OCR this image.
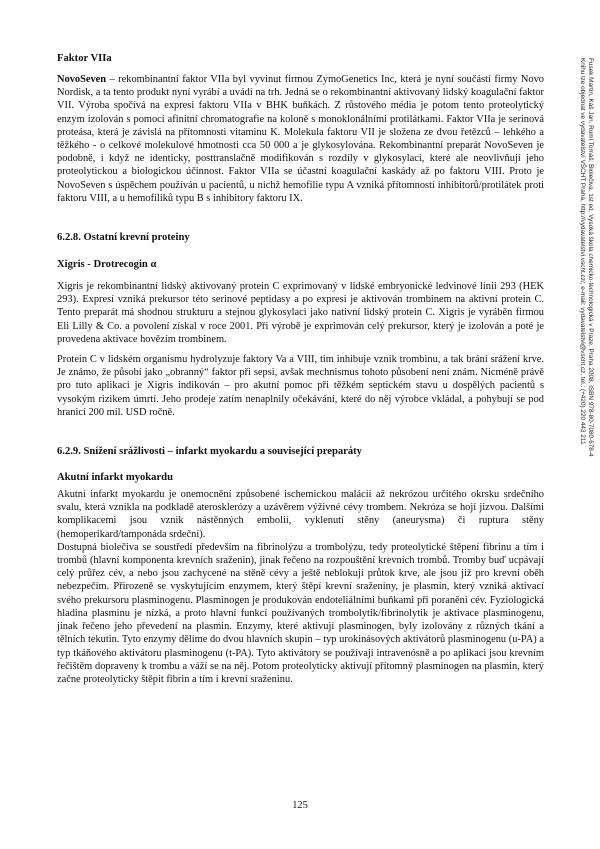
Faktor VIIa

NovoSeven – rekombinantní faktor VIIa byl vyvinut firmou ZymoGenetics Inc, která je nyní součástí firmy Novo Nordisk, a ta tento produkt nyní vyrábí a uvádí na trh. Jedná se o rekombinantní aktivovaný lidský koagulační faktor VII. Výroba spočívá na expresi faktoru VIIa v BHK buňkách. Z růstového média je potom tento proteolytický enzym izolován s pomocí afinitní chromatografie na koloně s monoklonálními protilátkami. Faktor VIIa je serinová proteása, která je závislá na přítomnosti vitaminu K. Molekula faktoru VII je složena ze dvou řetězců – lehkého a těžkého - o celkové molekulové hmotnosti cca 50 000 a je glykosylována. Rekombinantní preparát NovoSeven je podobně, i když ne identicky, posttranslačně modifikován s rozdíly v glykosylaci, které ale neovlivňují jeho proteolytickou a biologickou účinnost. Faktor VIIa se účastní koagulační kaskády až po faktoru VIII. Proto je NovoSeven s úspěchem používán u pacientů, u nichž hemofilie typu A vzniká přítomností inhibitorů/protilátek proti faktoru VIII, a u hemofiliků typu B s inhibitory faktoru IX.

6.2.8. Ostatní krevní proteiny
Xigris - Drotrecogin α

Xigris je rekombinantní lidský aktivovaný protein C exprimovaný v lidské embryonické ledvinové linii 293 (HEK 293). Expresí vzniká prekursor této serinové peptidasy a po expresi je aktivován trombinem na aktivní protein C. Tento preparát má shodnou strukturu a stejnou glykosylaci jako nativní lidský protein C. Xigris je vyráběn firmou Eli Lilly & Co. a povolení získal v roce 2001. Při výrobě je exprimován celý prekursor, který je izolován a poté je provedena aktivace hovězím trombinem.

Protein C v lidském organismu hydrolyzuje faktory Va a VIII, tím inhibuje vznik trombinu, a tak brání srážení krve. Je známo, že působí jako „obranný“ faktor při sepsi, avšak mechnismus tohoto působení není znám. Nicméně právě pro tuto aplikaci je Xigris indikován – pro akutní pomoc při těžkém septickém stavu u dospělých pacientů s vysokým rizikem úmrtí. Jeho prodeje zatím nenaplnily očekávání, které do něj výrobce vkládal, a pohybují se pod hranicí 200 mil. USD ročně.

6.2.9. Snížení srážlivosti – infarkt myokardu a související preparáty
Akutní infarkt myokardu

Akutní infarkt myokardu je onemocnění způsobené ischemickou malácií až nekrózou určitého okrsku srdečního svalu, která vznikla na podkladě aterosklerózy a uzávěrem výživné cévy trombem. Nekróza se hojí jizvou. Dalšími komplikacemi jsou vznik nástěnných embolií, vyklenutí stěny (aneurysma) či ruptura stěny (hemoperikard/tamponáda srdeční).

Dostupná biolečiva se soustředí především na fibrinolýzu a trombolýzu, tedy proteolytické štěpení fibrinu a tím i trombů (hlavní komponenta krevních sraženin), jinak řečeno na rozpouštění krevních trombů. Tromby buď ucpávají celý průřez cév, a nebo jsou zachycené na stěně cévy a ještě neblokují průtok krve, ale jsou již pro krevní oběh nebezpečím. Přirozeně se vyskytujícím enzymem, který štěpí krevní sraženiny, je plasmin, který vzniká aktivací svého prekursoru plasminogenu. Plasminogen je produkován endoteliálními buňkami při poranění cév. Fyziologická hladina plasminu je nízká, a proto hlavní funkcí používaných trombolytik/fibrinolytik je aktivace plasminogenu, jinak řečeno jeho převedení na plasmin. Enzymy, které aktivují plasminogen, byly izolovány z různých tkání a tělních tekutin. Tyto enzymy dělíme do dvou hlavních skupin – typ urokinásových aktivátorů plasminogenu (u-PA) a typ tkáňového aktivátoru plasminogenu (t-PA). Tyto aktivátory se používají intravenósně a po aplikaci jsou krevním řečištěm dopraveny k trombu a váží se na něj. Potom proteolyticky aktivují přítomný plasminogen na plasmin, který začne proteolyticky štěpit fibrin a tím i krevní sraženinu.

125
Fusek Martin, Káš Jan, Ruml Tomáš: Biolečiva. 1st ed. Vysoká škola chemicko-technologická v Praze, Praha 2008, ISBN 978-80-7080-678-4
Knihu lze objednat ve vydavatelství VŠCHT Praha, http://vydavatelstvi.vscht.cz/, e-mail: vydavatelstvi@vscht.cz, tel.: (+420) 220 443 211
